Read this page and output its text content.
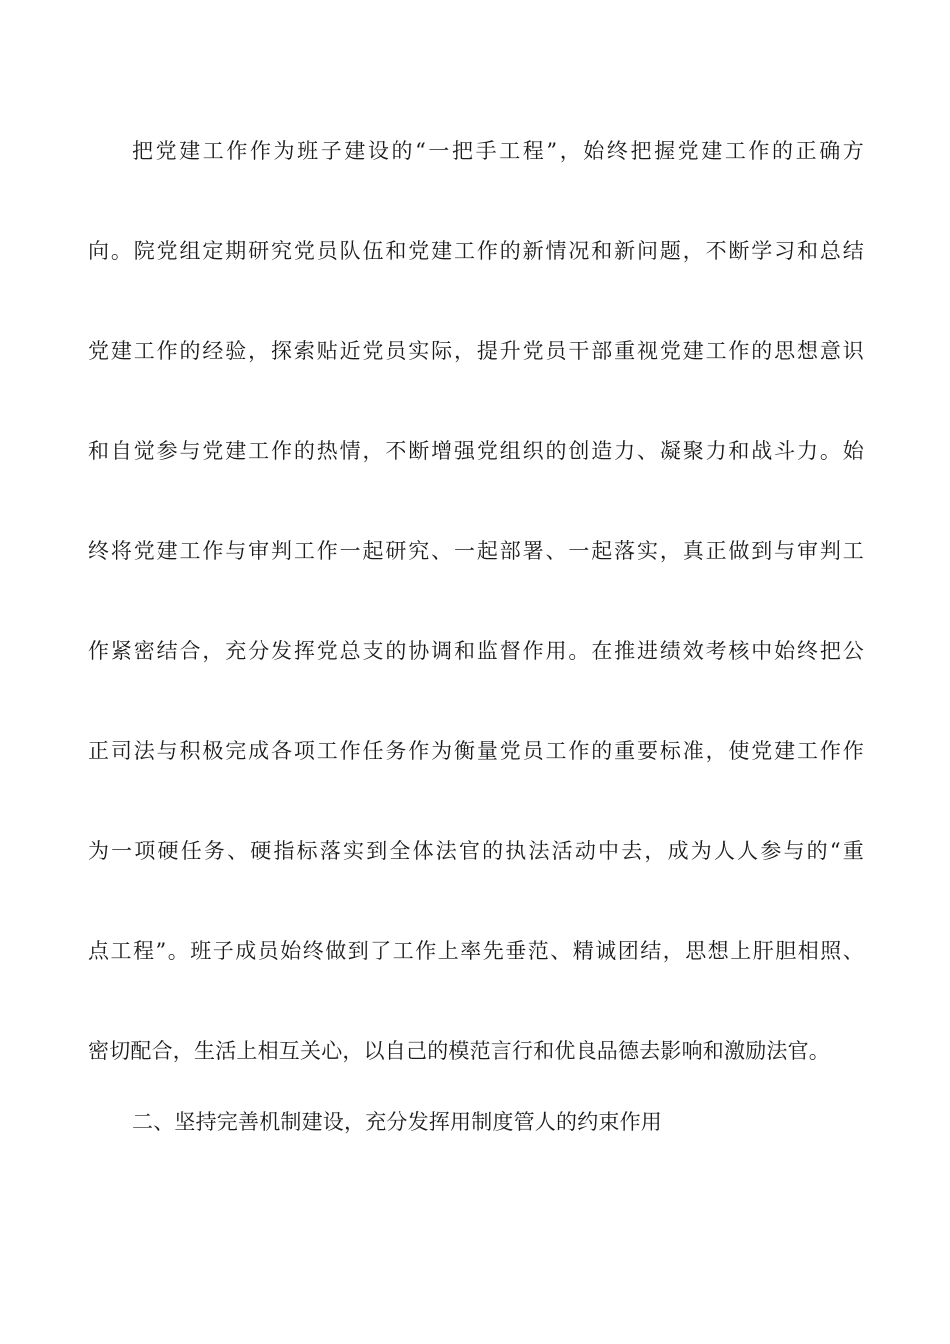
把党建工作作为班子建设的“一把手工程”，始终把握党建工作的正确方
向。院党组定期研究党员队伍和党建工作的新情况和新问题，不断学习和总结
党建工作的经验，探索贴近党员实际，提升党员干部重视党建工作的思想意识
和自觉参与党建工作的热情，不断增强党组织的创造力、凝聚力和战斗力。始
终将党建工作与审判工作一起研究、一起部署、一起落实，真正做到与审判工
作紧密结合，充分发挥党总支的协调和监督作用。在推进绩效考核中始终把公
正司法与积极完成各项工作任务作为衡量党员工作的重要标准，使党建工作作
为一项硬任务、硬指标落实到全体法官的执法活动中去，成为人人参与的“重
点工程”。班子成员始终做到了工作上率先垂范、精诚团结，思想上肝胆相照、
密切配合，生活上相互关心，以自己的模范言行和优良品德去影响和激励法官。
二、坚持完善机制建设，充分发挥用制度管人的约束作用
